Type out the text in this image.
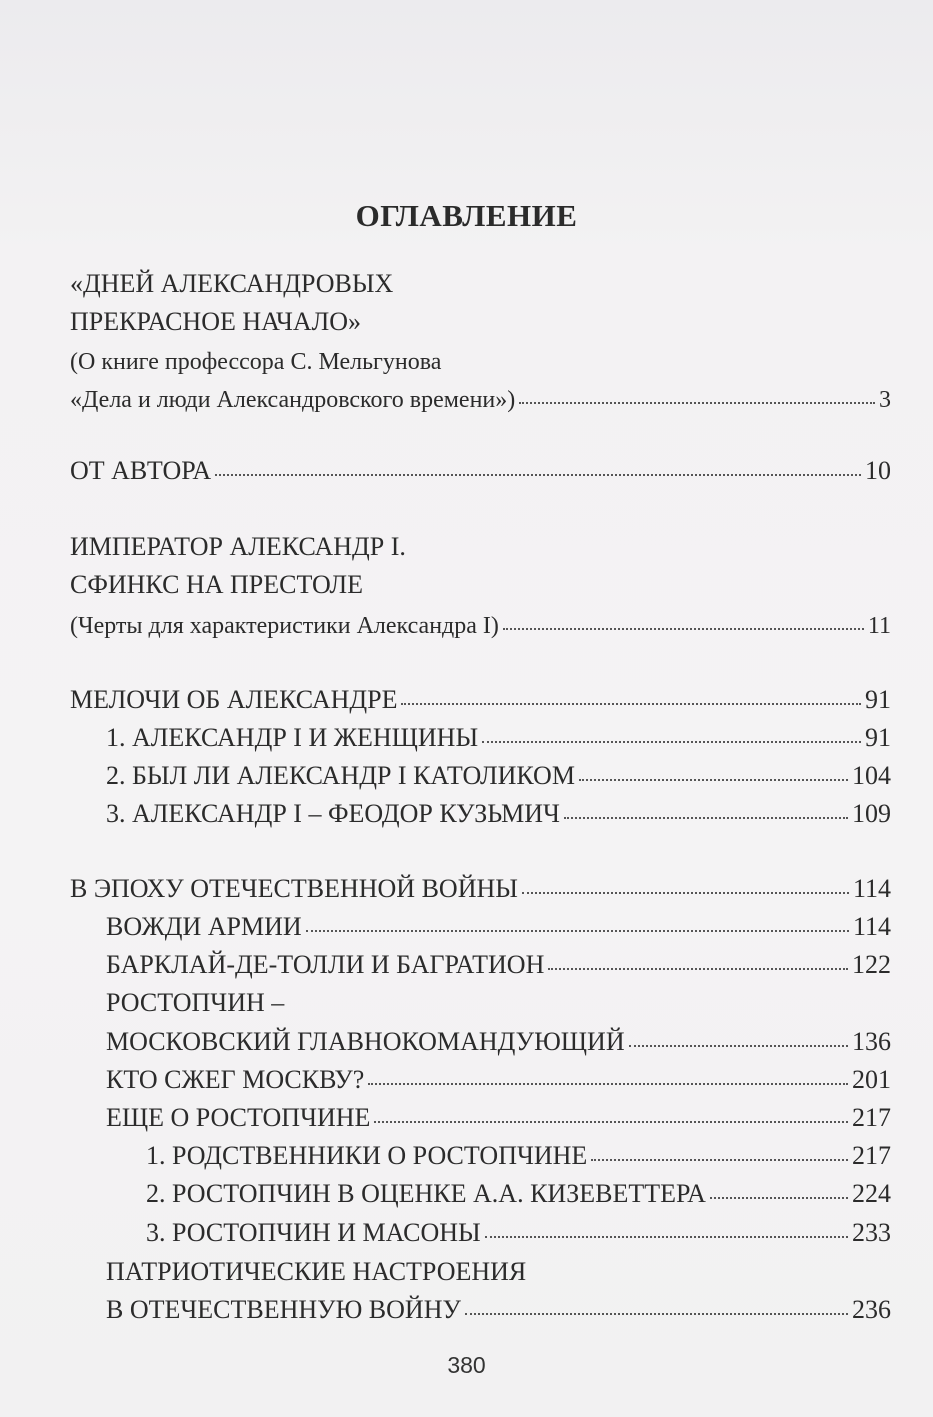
ОГЛАВЛЕНИЕ
«ДНЕЙ АЛЕКСАНДРОВЫХ
ПРЕКРАСНОЕ НАЧАЛО»
(О книге профессора С. Мельгунова
«Дела и люди Александровского времени»)	3
ОТ АВТОРА	10
ИМПЕРАТОР АЛЕКСАНДР I.
СФИНКС НА ПРЕСТОЛЕ
(Черты для характеристики Александра I)	11
МЕЛОЧИ ОБ АЛЕКСАНДРЕ	91
1. АЛЕКСАНДР I И ЖЕНЩИНЫ	91
2. БЫЛ ЛИ АЛЕКСАНДР I КАТОЛИКОМ	104
3. АЛЕКСАНДР I – ФЕОДОР КУЗЬМИЧ	109
В ЭПОХУ ОТЕЧЕСТВЕННОЙ ВОЙНЫ	114
ВОЖДИ АРМИИ	114
БАРКЛАЙ-ДЕ-ТОЛЛИ И БАГРАТИОН	122
РОСТОПЧИН –
МОСКОВСКИЙ ГЛАВНОКОМАНДУЮЩИЙ	136
КТО СЖЕГ МОСКВУ?	201
ЕЩЕ О РОСТОПЧИНЕ	217
1. РОДСТВЕННИКИ О РОСТОПЧИНЕ	217
2. РОСТОПЧИН В ОЦЕНКЕ А.А. КИЗЕВЕТТЕРА	224
3. РОСТОПЧИН И МАСОНЫ	233
ПАТРИОТИЧЕСКИЕ НАСТРОЕНИЯ
В ОТЕЧЕСТВЕННУЮ ВОЙНУ	236
380
